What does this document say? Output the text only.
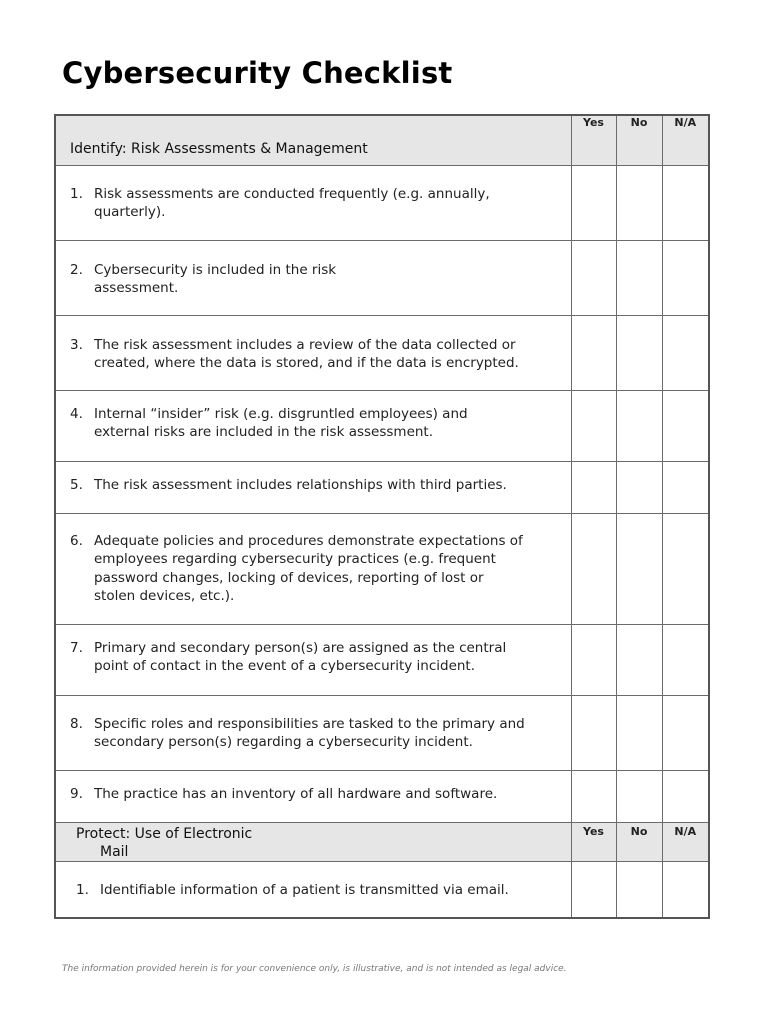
Cybersecurity Checklist
Identify: Risk Assessments & Management	Yes	No	N/A

1. Risk assessments are conducted frequently (e.g. annually,
quarterly).			

2. Cybersecurity is included in the risk
assessment.			

3. The risk assessment includes a review of the data collected or
created, where the data is stored, and if the data is encrypted.			

4. Internal “insider” risk (e.g. disgruntled employees) and
external risks are included in the risk assessment.			

5. The risk assessment includes relationships with third parties.			

6. Adequate policies and procedures demonstrate expectations of
employees regarding cybersecurity practices (e.g. frequent
password changes, locking of devices, reporting of lost or
stolen devices, etc.).			

7. Primary and secondary person(s) are assigned as the central
point of contact in the event of a cybersecurity incident.			

8. Specific roles and responsibilities are tasked to the primary and
secondary person(s) regarding a cybersecurity incident.			

9. The practice has an inventory of all hardware and software.			

Protect: Use of Electronic
Mail	Yes	No	N/A

1. Identifiable information of a patient is transmitted via email.			

The information provided herein is for your convenience only, is illustrative, and is not intended as legal advice.
